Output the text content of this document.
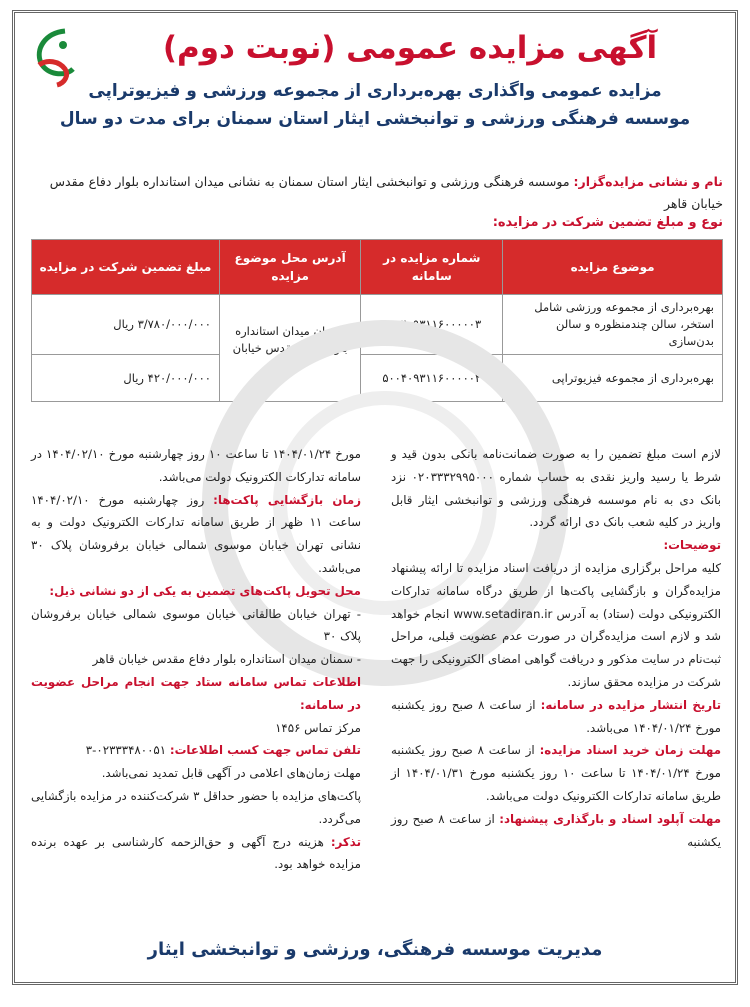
آگهی مزایده عمومی (نوبت دوم)
مزایده عمومی واگذاری بهره‌برداری از مجموعه ورزشی و فیزیوتراپی
موسسه فرهنگی ورزشی و توانبخشی ایثار استان سمنان برای مدت دو سال
نام و نشانی مزایده‌گزار: موسسه فرهنگی ورزشی و توانبخشی ایثار استان سمنان به نشانی میدان استانداره بلوار دفاع مقدس خیابان قاهر
نوع و مبلغ تضمین شرکت در مزایده:
موضوع مزایده	شماره مزایده در سامانه	آدرس محل موضوع مزایده	مبلغ تضمین شرکت در مزایده
بهره‌برداری از مجموعه ورزشی شامل استخر، سالن چندمنظوره و سالن بدن‌سازی	۵۰۰۴۰۹۳۱۱۶۰۰۰۰۰۳	سمنان میدان استانداره بلوار دفاع مقدس خیابان قاهر	۳/۷۸۰/۰۰۰/۰۰۰ ریال
بهره‌برداری از مجموعه فیزیوتراپی	۵۰۰۴۰۹۳۱۱۶۰۰۰۰۰۴		۴۲۰/۰۰۰/۰۰۰ ریال

لازم است مبلغ تضمین را به صورت ضمانت‌نامه بانکی بدون قید و شرط یا رسید واریز نقدی به حساب شماره ۰۲۰۳۳۳۲۹۹۵۰۰۰ نزد بانک دی به نام موسسه فرهنگی ورزشی و توانبخشی ایثار قابل واریز در کلیه شعب بانک دی ارائه گردد.

توضیحات:

کلیه مراحل برگزاری مزایده از دریافت اسناد مزایده تا ارائه پیشنهاد مزایده‌گران و بازگشایی پاکت‌ها از طریق درگاه سامانه تدارکات الکترونیکی دولت (ستاد) به آدرس www.setadiran.ir انجام خواهد شد و لازم است مزایده‌گران در صورت عدم عضویت قبلی، مراحل ثبت‌نام در سایت مذکور و دریافت گواهی امضای الکترونیکی را جهت شرکت در مزایده محقق سازند.

تاریخ انتشار مزایده در سامانه: از ساعت ۸ صبح روز یکشنبه مورخ ۱۴۰۴/۰۱/۲۴ می‌باشد.

مهلت زمان خرید اسناد مزایده: از ساعت ۸ صبح روز یکشنبه مورخ ۱۴۰۴/۰۱/۲۴ تا ساعت ۱۰ روز یکشنبه مورخ ۱۴۰۴/۰۱/۳۱ از طریق سامانه تدارکات الکترونیک دولت می‌باشد.

مهلت آپلود اسناد و بارگذاری پیشنهاد: از ساعت ۸ صبح روز یکشنبه

مورخ ۱۴۰۴/۰۱/۲۴ تا ساعت ۱۰ روز چهارشنبه مورخ ۱۴۰۴/۰۲/۱۰ در سامانه تدارکات الکترونیک دولت می‌باشد.

زمان بازگشایی پاکت‌ها: روز چهارشنبه مورخ ۱۴۰۴/۰۲/۱۰ ساعت ۱۱ ظهر از طریق سامانه تدارکات الکترونیک دولت و به نشانی تهران خیابان موسوی شمالی خیابان برفروشان پلاک ۳۰ می‌باشد.

محل تحویل پاکت‌های تضمین به یکی از دو نشانی ذیل:

- تهران خیابان طالقانی خیابان موسوی شمالی خیابان برفروشان پلاک ۳۰

- سمنان میدان استانداره بلوار دفاع مقدس خیابان قاهر

اطلاعات تماس سامانه ستاد جهت انجام مراحل عضویت در سامانه:

مرکز تماس ۱۴۵۶

تلفن تماس جهت کسب اطلاعات: ۰۲۳۳۳۴۸۰۰۵۱-۳

مهلت زمان‌های اعلامی در آگهی قابل تمدید نمی‌باشد.

پاکت‌های مزایده با حضور حداقل ۳ شرکت‌کننده در مزایده بازگشایی می‌گردد.

تذکر: هزینه درج آگهی و حق‌الزحمه کارشناسی بر عهده برنده مزایده خواهد بود.

مدیریت موسسه فرهنگی، ورزشی و توانبخشی ایثار
